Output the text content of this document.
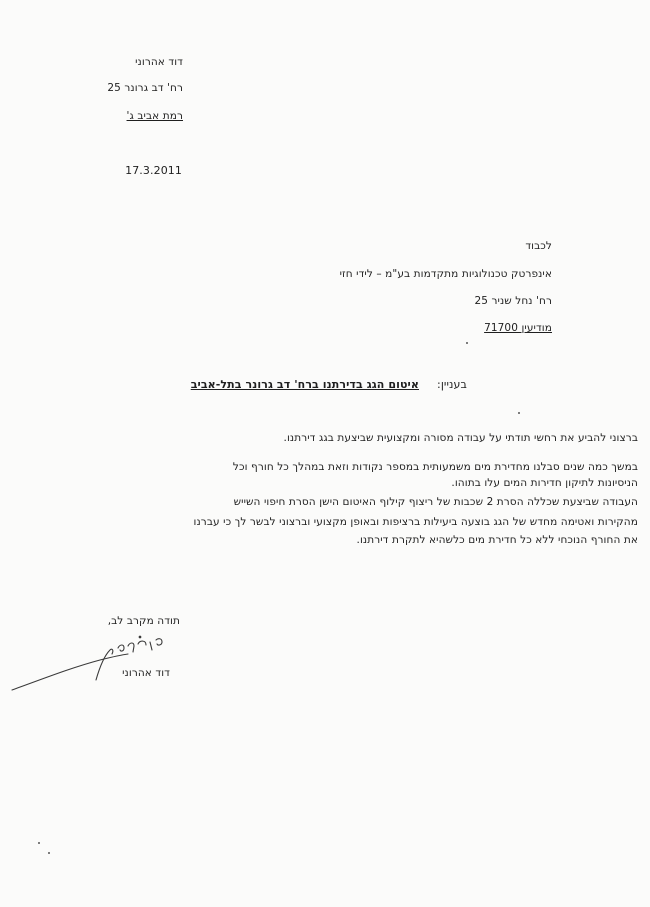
דוד אהרוני
רח' דב גרונר 25
רמת אביב ג'
17.3.2011
לכבוד
אינפרטק טכנולוגיות מתקדמות בע"מ – לידי חזי
רח' נחל שניר 25
מודיעין 71700
בעניין:
איטום הגג בדירתנו ברח' דב גרונר בתל-אביב
ברצוני להביע את רחשי תודתי על עבודה מסורה ומקצועית שביצעת בגג דירתנו.
במשך כמה שנים סבלנו מחדירת מים משמעותית במספר נקודות וזאת במהלך כל חורף וכל
הניסיונות לתיקון חדירות המים עלו בתוהו.
העבודה שביצעת שכללה הסרת 2 שכבות של ריצוף קילוף האיטום הישן הסרת חיפוי השייש
מהקירות ואטימה מחדש של הגג בוצעה ביעילות ברציפות ובאופן מקצועי וברצוני לבשר לך כי עברנו
את החורף הנוכחי ללא כל חדירת מים כלשהיא לתקרת דירתנו.
תודה מקרב לב,
דוד אהרוני
